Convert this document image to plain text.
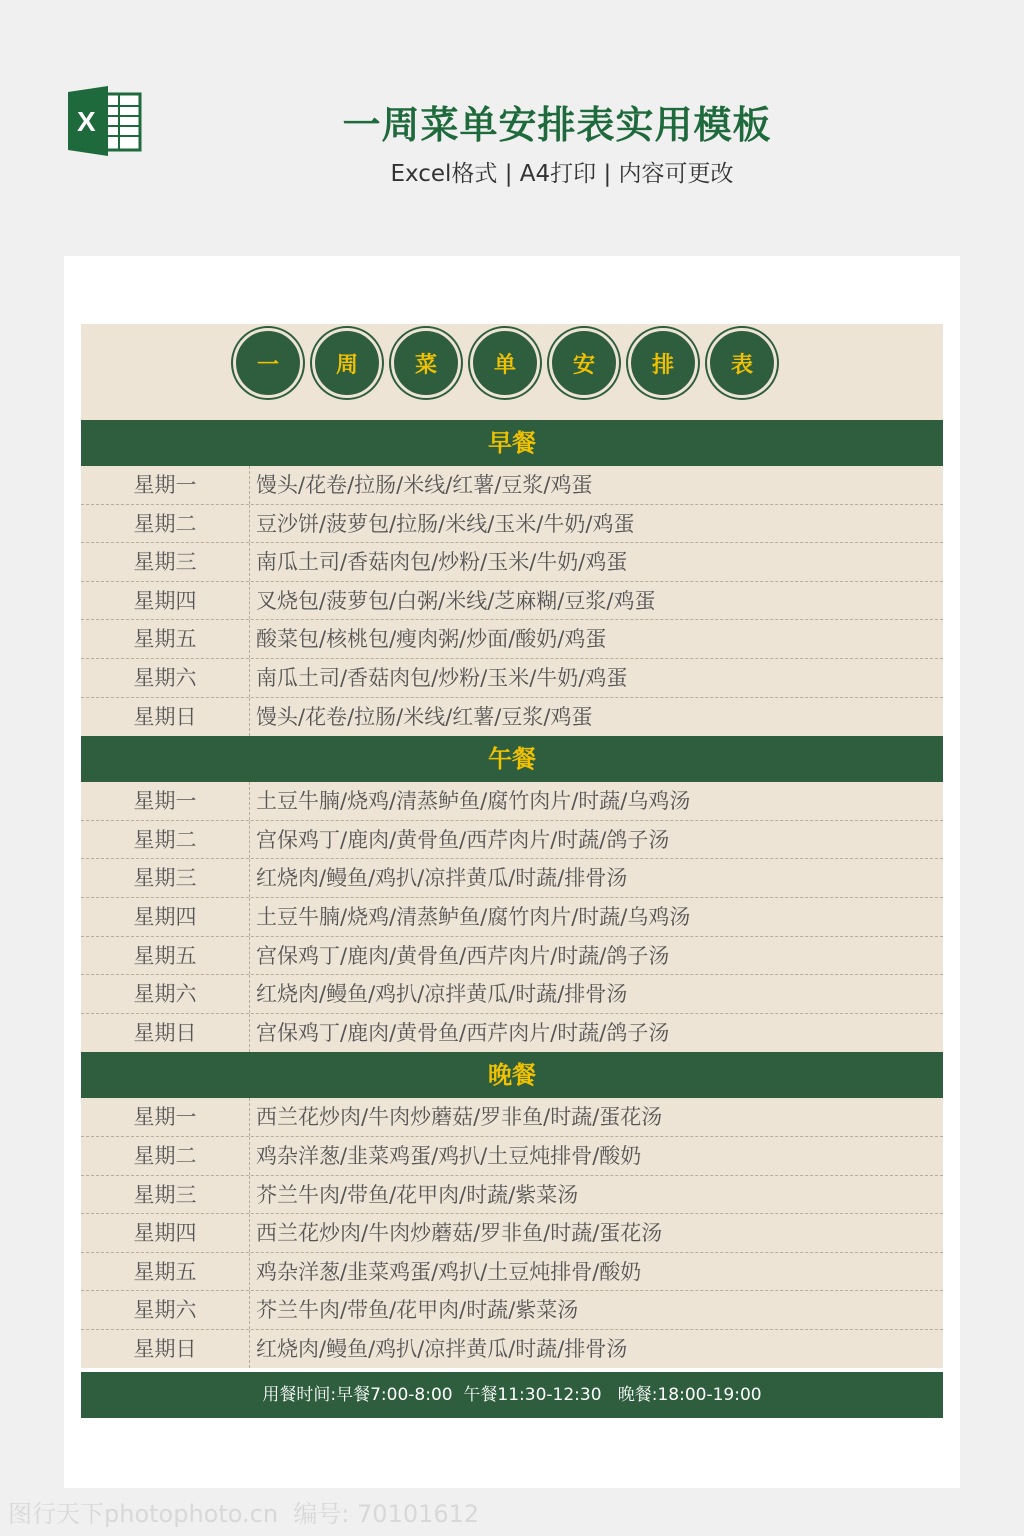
X	一周菜单安排表实用模板
Excel格式 | A4打印 | 内容可更改
一	周	菜	单	安	排	表
早餐
星期一	馒头/花卷/拉肠/米线/红薯/豆浆/鸡蛋
星期二	豆沙饼/菠萝包/拉肠/米线/玉米/牛奶/鸡蛋
星期三	南瓜土司/香菇肉包/炒粉/玉米/牛奶/鸡蛋
星期四	叉烧包/菠萝包/白粥/米线/芝麻糊/豆浆/鸡蛋
星期五	酸菜包/核桃包/瘦肉粥/炒面/酸奶/鸡蛋
星期六	南瓜土司/香菇肉包/炒粉/玉米/牛奶/鸡蛋
星期日	馒头/花卷/拉肠/米线/红薯/豆浆/鸡蛋
午餐
星期一	土豆牛腩/烧鸡/清蒸鲈鱼/腐竹肉片/时蔬/乌鸡汤
星期二	宫保鸡丁/鹿肉/黄骨鱼/西芹肉片/时蔬/鸽子汤
星期三	红烧肉/鳗鱼/鸡扒/凉拌黄瓜/时蔬/排骨汤
星期四	土豆牛腩/烧鸡/清蒸鲈鱼/腐竹肉片/时蔬/乌鸡汤
星期五	宫保鸡丁/鹿肉/黄骨鱼/西芹肉片/时蔬/鸽子汤
星期六	红烧肉/鳗鱼/鸡扒/凉拌黄瓜/时蔬/排骨汤
星期日	宫保鸡丁/鹿肉/黄骨鱼/西芹肉片/时蔬/鸽子汤
晚餐
星期一	西兰花炒肉/牛肉炒蘑菇/罗非鱼/时蔬/蛋花汤
星期二	鸡杂洋葱/韭菜鸡蛋/鸡扒/土豆炖排骨/酸奶
星期三	芥兰牛肉/带鱼/花甲肉/时蔬/紫菜汤
星期四	西兰花炒肉/牛肉炒蘑菇/罗非鱼/时蔬/蛋花汤
星期五	鸡杂洋葱/韭菜鸡蛋/鸡扒/土豆炖排骨/酸奶
星期六	芥兰牛肉/带鱼/花甲肉/时蔬/紫菜汤
星期日	红烧肉/鳗鱼/鸡扒/凉拌黄瓜/时蔬/排骨汤
用餐时间:早餐7:00-8:00  午餐11:30-12:30   晚餐:18:00-19:00
图行天下photophoto.cn  编号: 70101612
